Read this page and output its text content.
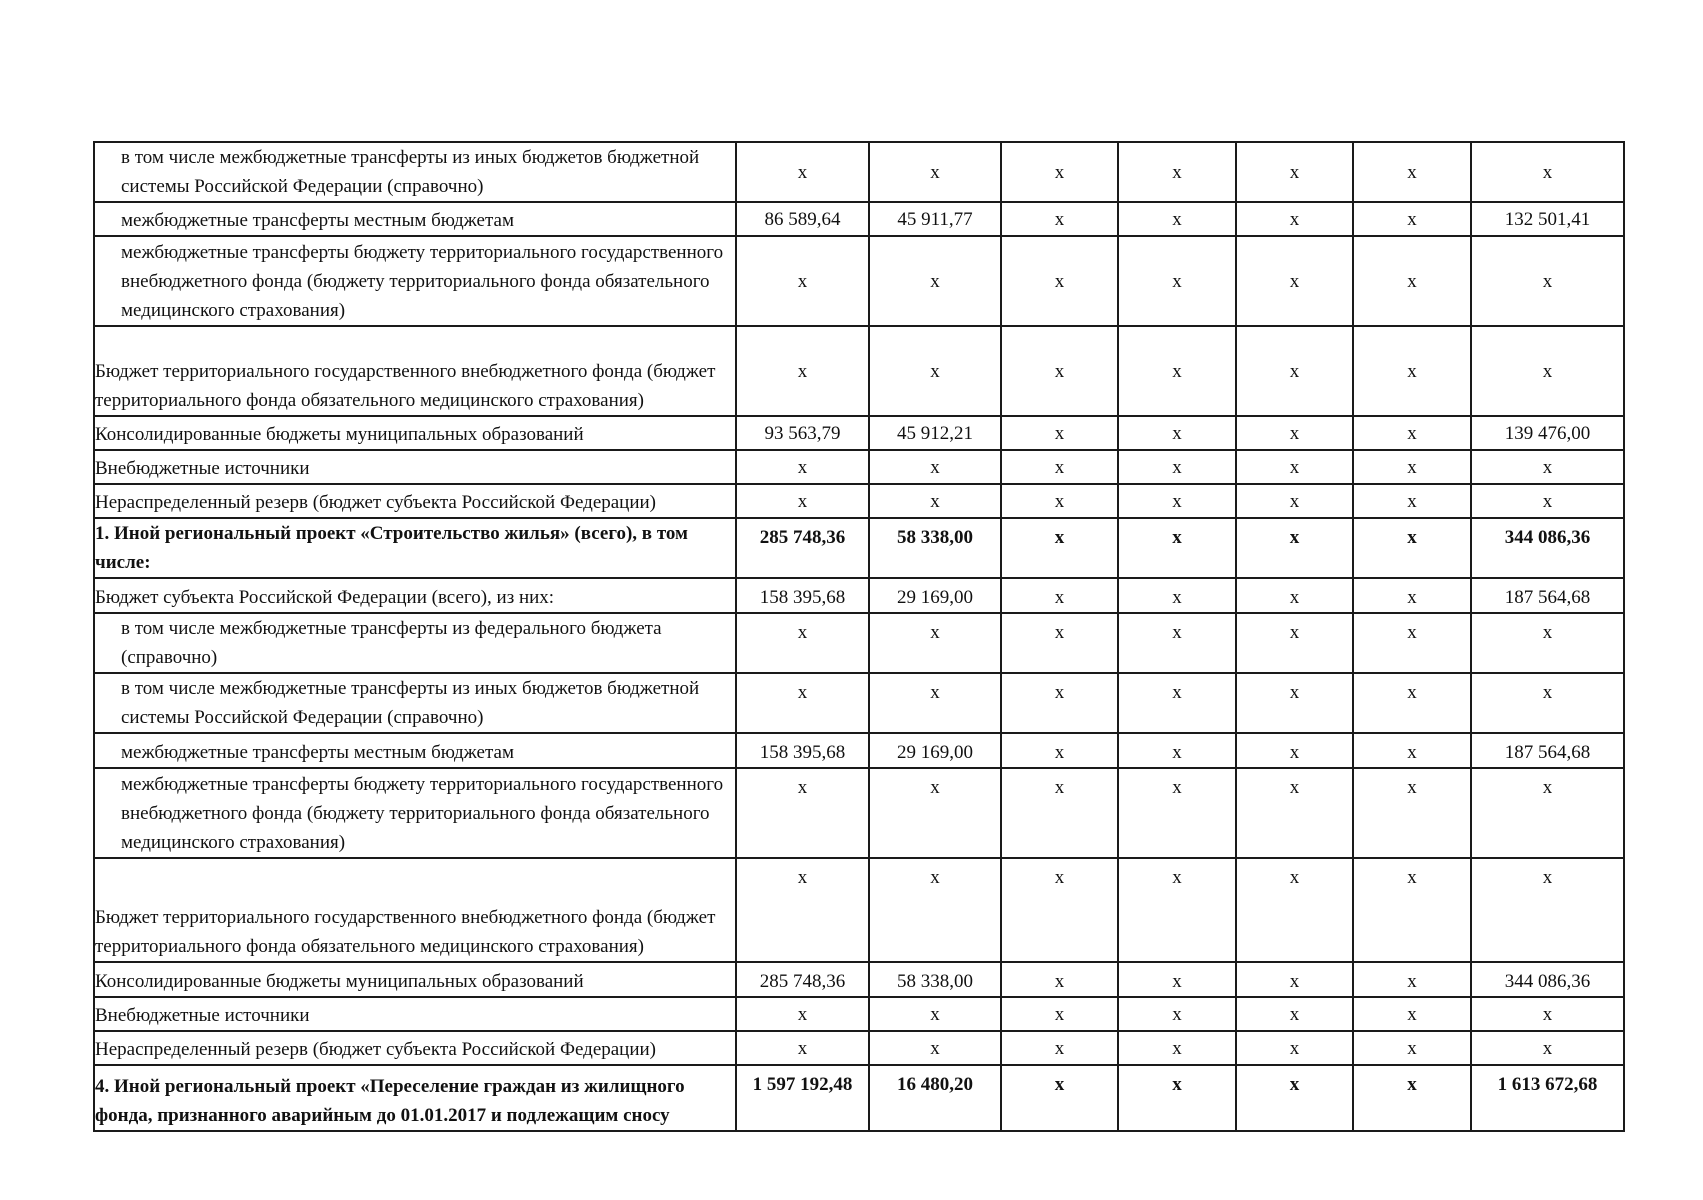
в том числе межбюджетные трансферты из иных бюджетов бюджетной системы Российской Федерации (справочно)	х	х	х	х	х	х	х
межбюджетные трансферты местным бюджетам	86 589,64	45 911,77	х	х	х	х	132 501,41
межбюджетные трансферты бюджету территориального государственного внебюджетного фонда (бюджету территориального фонда обязательного медицинского страхования)	х	х	х	х	х	х	х
Бюджет территориального государственного внебюджетного фонда (бюджет территориального фонда обязательного медицинского страхования)	х	х	х	х	х	х	х
Консолидированные бюджеты муниципальных образований	93 563,79	45 912,21	х	х	х	х	139 476,00
Внебюджетные источники	х	х	х	х	х	х	х
Нераспределенный резерв (бюджет субъекта Российской Федерации)	х	х	х	х	х	х	х
1. Иной региональный проект «Строительство жилья» (всего), в том числе:	285 748,36	58 338,00	х	х	х	х	344 086,36
Бюджет субъекта Российской Федерации (всего), из них:	158 395,68	29 169,00	х	х	х	х	187 564,68
в том числе межбюджетные трансферты из федерального бюджета (справочно)	х	х	х	х	х	х	х
в том числе межбюджетные трансферты из иных бюджетов бюджетной системы Российской Федерации (справочно)	х	х	х	х	х	х	х
межбюджетные трансферты местным бюджетам	158 395,68	29 169,00	х	х	х	х	187 564,68
межбюджетные трансферты бюджету территориального государственного внебюджетного фонда (бюджету территориального фонда обязательного медицинского страхования)	х	х	х	х	х	х	х
Бюджет территориального государственного внебюджетного фонда (бюджет территориального фонда обязательного медицинского страхования)	х	х	х	х	х	х	х
Консолидированные бюджеты муниципальных образований	285 748,36	58 338,00	х	х	х	х	344 086,36
Внебюджетные источники	х	х	х	х	х	х	х
Нераспределенный резерв (бюджет субъекта Российской Федерации)	х	х	х	х	х	х	х
4. Иной региональный проект «Переселение граждан из жилищного фонда, признанного аварийным до 01.01.2017 и подлежащим сносу	1 597 192,48	16 480,20	х	х	х	х	1 613 672,68
